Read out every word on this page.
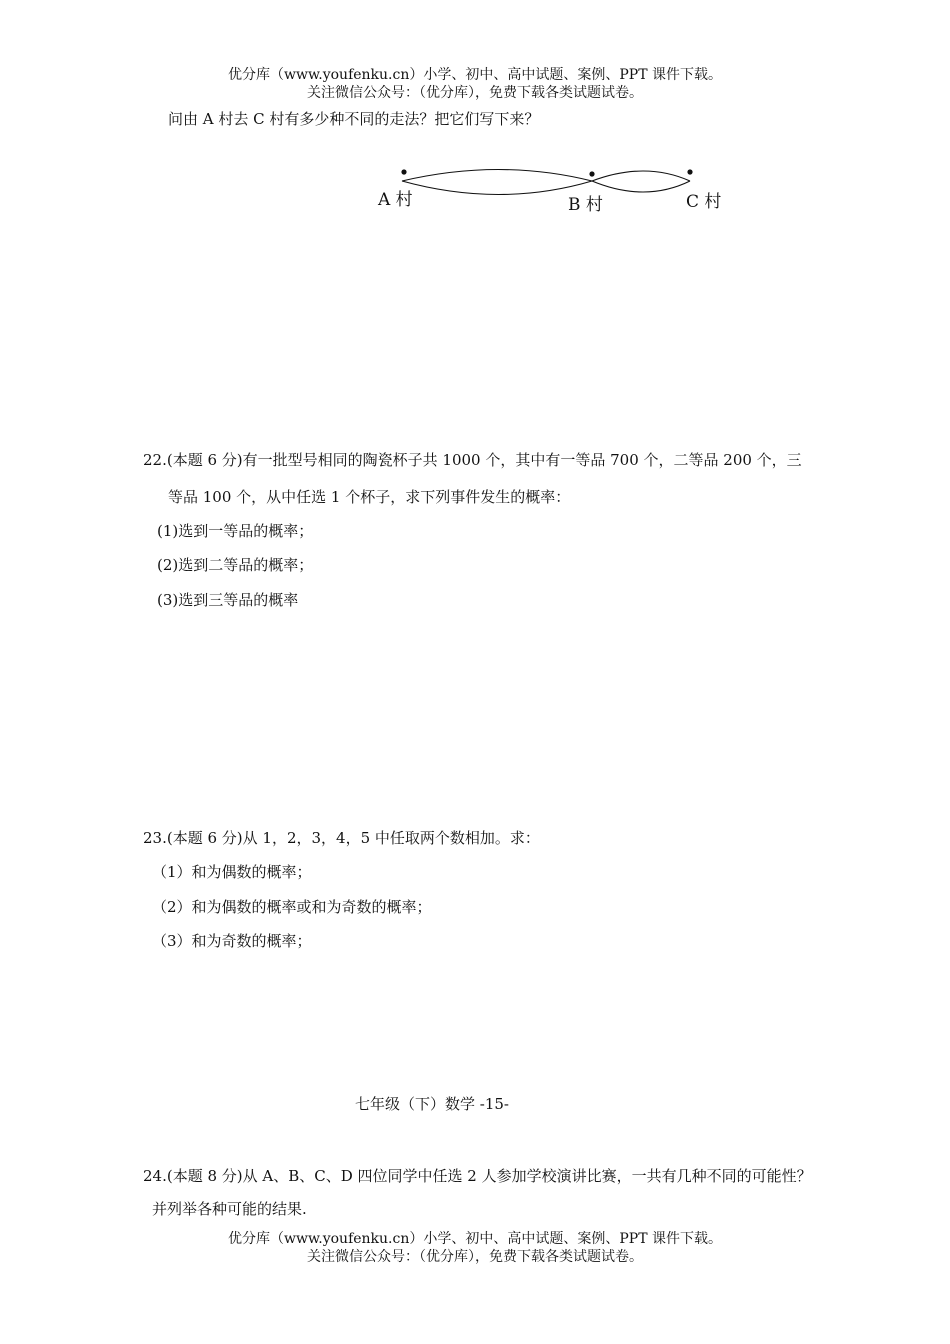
优分库（www.youfenku.cn）小学、初中、高中试题、案例、PPT 课件下载。
关注微信公众号：（优分库），免费下载各类试题试卷。
问由 A 村去 C 村有多少种不同的走法？把它们写下来？
A 村	B 村	C 村
22.(本题 6 分)有一批型号相同的陶瓷杯子共 1000 个，其中有一等品 700 个，二等品 200 个，三
等品 100 个，从中任选 1 个杯子，求下列事件发生的概率：
(1)选到一等品的概率；
(2)选到二等品的概率；
(3)选到三等品的概率
23.(本题 6 分)从 1，2，3，4，5 中任取两个数相加。求：
（1）和为偶数的概率；
（2）和为偶数的概率或和为奇数的概率；
（3）和为奇数的概率；
七年级（下）数学 -15-
24.(本题 8 分)从 A、B、C、D 四位同学中任选 2 人参加学校演讲比赛，一共有几种不同的可能性？
并列举各种可能的结果.
优分库（www.youfenku.cn）小学、初中、高中试题、案例、PPT 课件下载。
关注微信公众号：（优分库），免费下载各类试题试卷。
